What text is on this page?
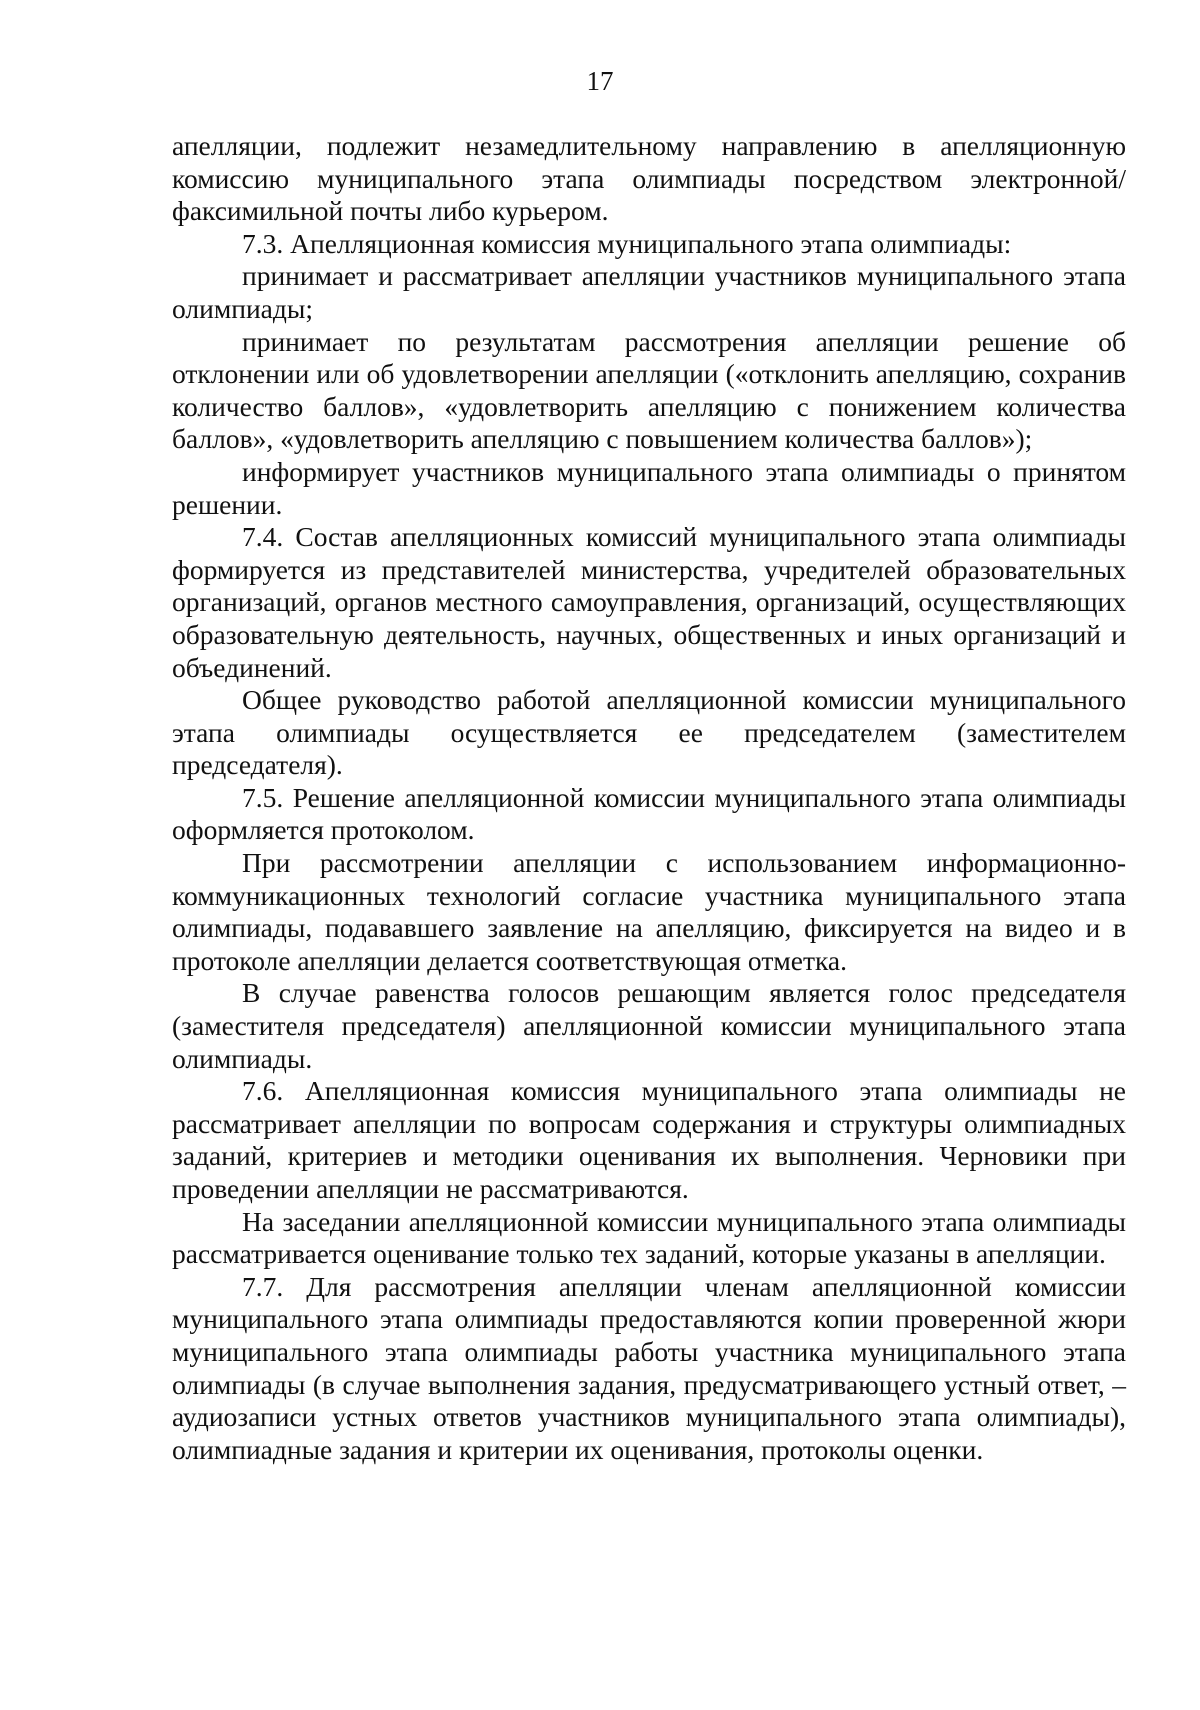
17

апелляции, подлежит незамедлительному направлению в апелляционную комиссию муниципального этапа олимпиады посредством электронной/факсимильной почты либо курьером.

7.3. Апелляционная комиссия муниципального этапа олимпиады:

принимает и рассматривает апелляции участников муниципального этапа олимпиады;

принимает по результатам рассмотрения апелляции решение об отклонении или об удовлетворении апелляции («отклонить апелляцию, сохранив количество баллов», «удовлетворить апелляцию с понижением количества баллов», «удовлетворить апелляцию с повышением количества баллов»);

информирует участников муниципального этапа олимпиады о принятом решении.

7.4. Состав апелляционных комиссий муниципального этапа олимпиады формируется из представителей министерства, учредителей образовательных организаций, органов местного самоуправления, организаций, осуществляющих образовательную деятельность, научных, общественных и иных организаций и объединений.

Общее руководство работой апелляционной комиссии муниципального этапа олимпиады осуществляется ее председателем (заместителем председателя).

7.5. Решение апелляционной комиссии муниципального этапа олимпиады оформляется протоколом.

При рассмотрении апелляции с использованием информационно-коммуникационных технологий согласие участника муниципального этапа олимпиады, подававшего заявление на апелляцию, фиксируется на видео и в протоколе апелляции делается соответствующая отметка.

В случае равенства голосов решающим является голос председателя (заместителя председателя) апелляционной комиссии муниципального этапа олимпиады.

7.6. Апелляционная комиссия муниципального этапа олимпиады не рассматривает апелляции по вопросам содержания и структуры олимпиадных заданий, критериев и методики оценивания их выполнения. Черновики при проведении апелляции не рассматриваются.

На заседании апелляционной комиссии муниципального этапа олимпиады рассматривается оценивание только тех заданий, которые указаны в апелляции.

7.7. Для рассмотрения апелляции членам апелляционной комиссии муниципального этапа олимпиады предоставляются копии проверенной жюри муниципального этапа олимпиады работы участника муниципального этапа олимпиады (в случае выполнения задания, предусматривающего устный ответ, – аудиозаписи устных ответов участников муниципального этапа олимпиады), олимпиадные задания и критерии их оценивания, протоколы оценки.
